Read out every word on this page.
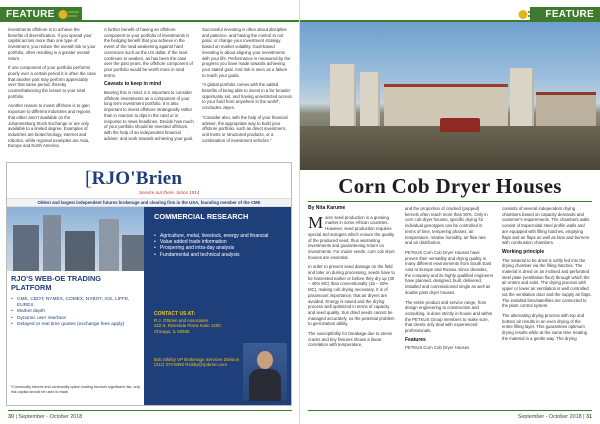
FEATURE

investments offshore is to achieve the benefits of diversification. If you spread your capital across more than one type of investment, you reduce the overall risk to your portfolio, often resulting in a greater overall return.

If one component of your portfolio performs poorly over a certain period it is often the case that another part may perform appreciably over that same period, thereby counterbalancing the losses to your total portfolio.

Another reason to invest offshore is to gain exposure to different industries and regions that either aren't available on the Johannesburg Stock Exchange or are only available to a limited degree. Examples of industries are biotechnology, internet and robotics, while regional examples are Asia, Europe and North America.

A further benefit of having an offshore component to your portfolio of investments is the hedging benefit that you achieve in the event of the rand weakening against hard currencies such as the US dollar. If the rand continues to weaken, as has been the case over the past years, the offshore component of your portfolio would be worth more in rand terms.

Caveats to keep in mind

Bearing this in mind, it is important to consider offshore investments as a component of your long term investment portfolio. It is also important to invest offshore strategically rather than in reaction to dips in the rand or in response to news headlines. Decide how much of your portfolio should be invested offshore, with the help of an independent financial adviser, and work towards achieving your goal.

Successful investing is often about discipline and patience, and having the control to not panic or change your investment strategy based on market volatility. Goal-based investing is about aligning your investments with your life. Performance is measured by the progress you have made towards achieving your stated goal. And risk is seen as a failure to reach your goals.

"A global portfolio comes with the added benefits of being able to invest in a far broader opportunity set, and having unrestricted access to your fund from anywhere in the world", concludes Jayes.

"Consider also, with the help of your financial adviser, the appropriate way to build your offshore portfolio, such as direct investment, unit trusts or structured products, or a combination of investment vehicles."

[ RJO ' Brien
Service out there. Since 1914
Oldest and largest independent futures brokerage and clearing firm in the USA, founding member of the CME
RJO'S WEB-OE TRADING PLATFORM
• CME, CBOT, NYMEX, COMEX, NYBOT, ICE, LIFFE, EUREX
• Market depth
• Dynamic user interface
• Delayed or real time quotes (exchange fees apply)
*Commodity futures and commodity option trading involves significant risk, only risk capital should be used to trade.
COMMERCIAL RESEARCH
• Agriculture, metal, livestock, energy and financial
• Value added trade information
• Prospering and intra-day analysis
• Fundamental and technical analysis
CONTACT US AT:
R.J. O'Brien and Associates
222 S. Riverside Plaza Suite 1200
Chicago, IL 60606
Bob Sikkby VP Brokerage Services Division
(312) 373-5092 Rsikby@rjobrien.com
30 | September - October 2018
FEATURE
Corn Cob Dryer Houses
By Nita Karume
M aize seed production is a growing market in some African countries. However, seed production requires special technologies which ensure the quality of the produced seed, thus warranting investments and guaranteeing return on investments. For maize seeds, corn cob dryer houses are essential.

In order to prevent seed damage on the field and later on during processing, seeds have to be harvested earlier or before they dry up (30 – 40% MC) than conventionally (15 – 20% MC), making cob drying necessary. It is of paramount importance, that air dryers are avoided. Energy is saved and the drying process well optimized in terms of capacity and seed quality. Sun dried seeds cannot be managed accurately, so the potential problem to germination ability.

The susceptibility for breakage due to stress cracks and tiny fissures shows a linear correlation with temperature,

and the proportion of cracked (popped) kernels often reach more than 50%. Only in corn cob dryer houses, specific drying for individual genotypes can be controlled in terms of time, tempering phases, air temperature, relative humidity, air flow rate and air distribution.

PETKUS Corn Cob Dryer Houses have proven their versatility and drying quality in many different environments from South East Asia to Europe and Russia. Since decades, the company and its highly qualified engineers have planned, designed, built, delivered, installed and commissioned single as well as double pass dryer houses.

The entire product and service range, from design engineering to construction and consulting, is done strictly in-house and within the PETKUS Group members to make sure, that clients only deal with experienced professionals.

Features

PETKUS Corn Cob Dryer Houses

consists of several independent drying chambers based on capacity demands and customer's requirements. The chambers walls consist of trapezoidal steel profile walls and are equipped with filling hatches, emptying flaps and air flaps as well as fans and burners with combustion chambers.

Working principle

The material to be dried is softly fed into the drying chamber via the filling hatches. The material is dried on an inclined and perforated steel plate (ventilation floor) through which the air enters and exits. The drying process with upper or lower air ventilation is well controlled via the ventilation door and the supply air flaps. The installed bins/satellites are connected to the plant control system.

The alternating drying process with top and bottom air results in an even drying of the entire filling layer. This guarantees optimum drying results while at the same time treating the material in a gentle way. The drying

September - October 2018 | 31
